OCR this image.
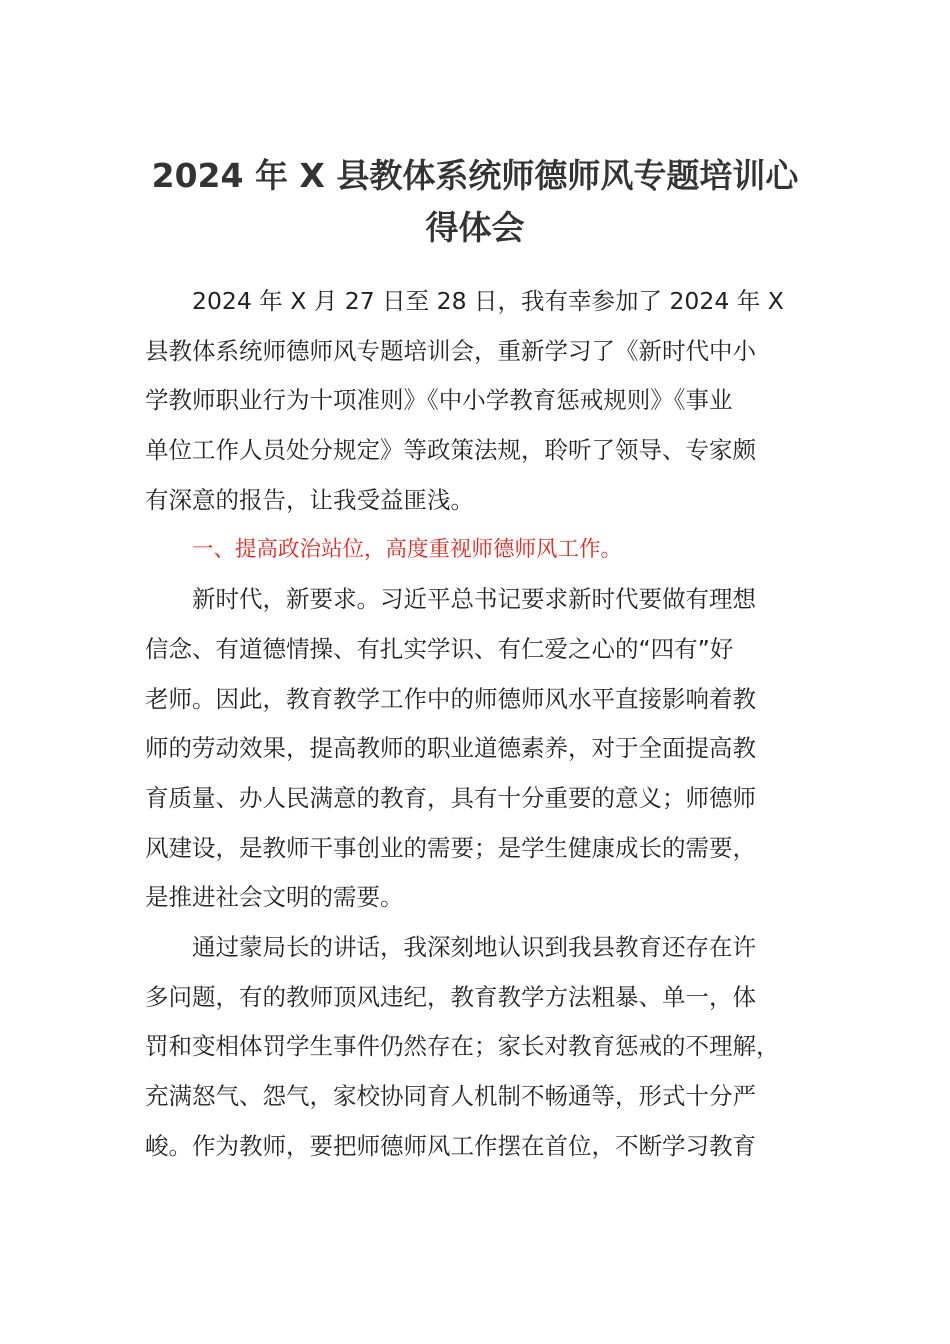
2024 年 X 县教体系统师德师风专题培训心
得体会
2024 年 X 月 27 日至 28 日，我有幸参加了 2024 年 X
县教体系统师德师风专题培训会，重新学习了《新时代中小
学教师职业行为十项准则》《中小学教育惩戒规则》《事业
单位工作人员处分规定》等政策法规，聆听了领导、专家颇
有深意的报告，让我受益匪浅。
一、提高政治站位，高度重视师德师风工作。
新时代，新要求。习近平总书记要求新时代要做有理想
信念、有道德情操、有扎实学识、有仁爱之心的“四有”好
老师。因此，教育教学工作中的师德师风水平直接影响着教
师的劳动效果，提高教师的职业道德素养，对于全面提高教
育质量、办人民满意的教育，具有十分重要的意义；师德师
风建设，是教师干事创业的需要；是学生健康成长的需要，
是推进社会文明的需要。
通过蒙局长的讲话，我深刻地认识到我县教育还存在许
多问题，有的教师顶风违纪，教育教学方法粗暴、单一，体
罚和变相体罚学生事件仍然存在；家长对教育惩戒的不理解，
充满怒气、怨气，家校协同育人机制不畅通等，形式十分严
峻。作为教师，要把师德师风工作摆在首位，不断学习教育
